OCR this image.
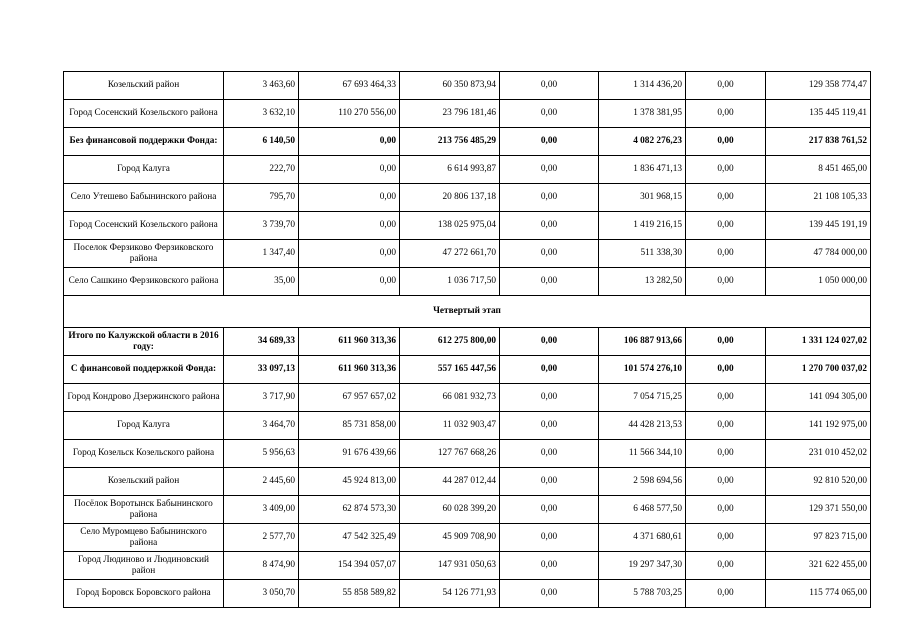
Козельский район	3 463,60	67 693 464,33	60 350 873,94	0,00	1 314 436,20	0,00	129 358 774,47
Город Сосенский Козельского района	3 632,10	110 270 556,00	23 796 181,46	0,00	1 378 381,95	0,00	135 445 119,41
Без финансовой поддержки Фонда:	6 140,50	0,00	213 756 485,29	0,00	4 082 276,23	0,00	217 838 761,52
Город Калуга	222,70	0,00	6 614 993,87	0,00	1 836 471,13	0,00	8 451 465,00
Село Утешево Бабынинского района	795,70	0,00	20 806 137,18	0,00	301 968,15	0,00	21 108 105,33
Город Сосенский Козельского района	3 739,70	0,00	138 025 975,04	0,00	1 419 216,15	0,00	139 445 191,19
Поселок Ферзиково Ферзиковского района	1 347,40	0,00	47 272 661,70	0,00	511 338,30	0,00	47 784 000,00
Село Сашкино Ферзиковского района	35,00	0,00	1 036 717,50	0,00	13 282,50	0,00	1 050 000,00
Четвертый этап							
Итого по Калужской области в 2016 году:	34 689,33	611 960 313,36	612 275 800,00	0,00	106 887 913,66	0,00	1 331 124 027,02
С финансовой поддержкой Фонда:	33 097,13	611 960 313,36	557 165 447,56	0,00	101 574 276,10	0,00	1 270 700 037,02
Город Кондрово Дзержинского района	3 717,90	67 957 657,02	66 081 932,73	0,00	7 054 715,25	0,00	141 094 305,00
Город Калуга	3 464,70	85 731 858,00	11 032 903,47	0,00	44 428 213,53	0,00	141 192 975,00
Город Козельск Козельского района	5 956,63	91 676 439,66	127 767 668,26	0,00	11 566 344,10	0,00	231 010 452,02
Козельский район	2 445,60	45 924 813,00	44 287 012,44	0,00	2 598 694,56	0,00	92 810 520,00
Посёлок Воротынск Бабынинского района	3 409,00	62 874 573,30	60 028 399,20	0,00	6 468 577,50	0,00	129 371 550,00
Село Муромцево Бабынинского района	2 577,70	47 542 325,49	45 909 708,90	0,00	4 371 680,61	0,00	97 823 715,00
Город Людиново и Людиновский район	8 474,90	154 394 057,07	147 931 050,63	0,00	19 297 347,30	0,00	321 622 455,00
Город Боровск Боровского района	3 050,70	55 858 589,82	54 126 771,93	0,00	5 788 703,25	0,00	115 774 065,00
